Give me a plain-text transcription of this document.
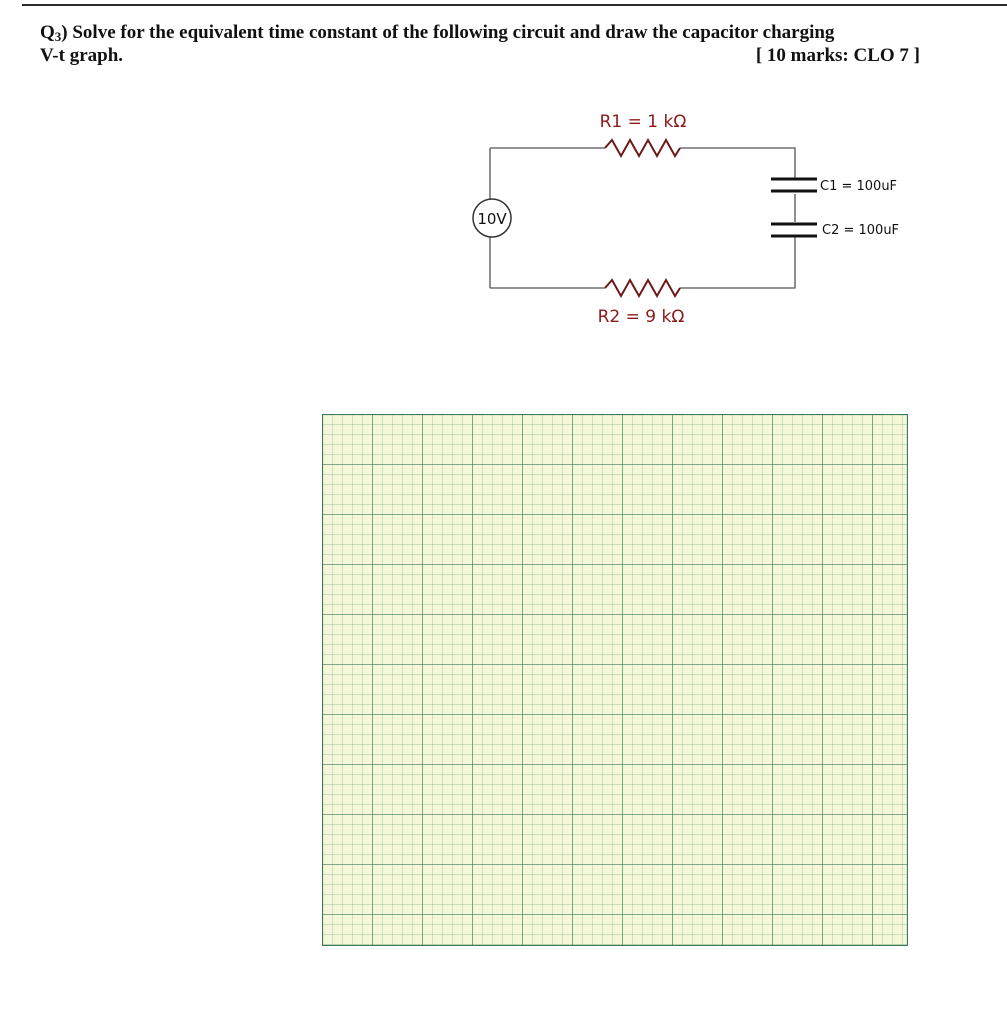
$Q_3$) Solve for the equivalent time constant of the following circuit and draw the capacitor charging
V-t graph.	[ 10 marks: CLO 7 ]
10V
R1 = 1 kΩ
R2 = 9 kΩ
C1 = 100uF
C2 = 100uF
